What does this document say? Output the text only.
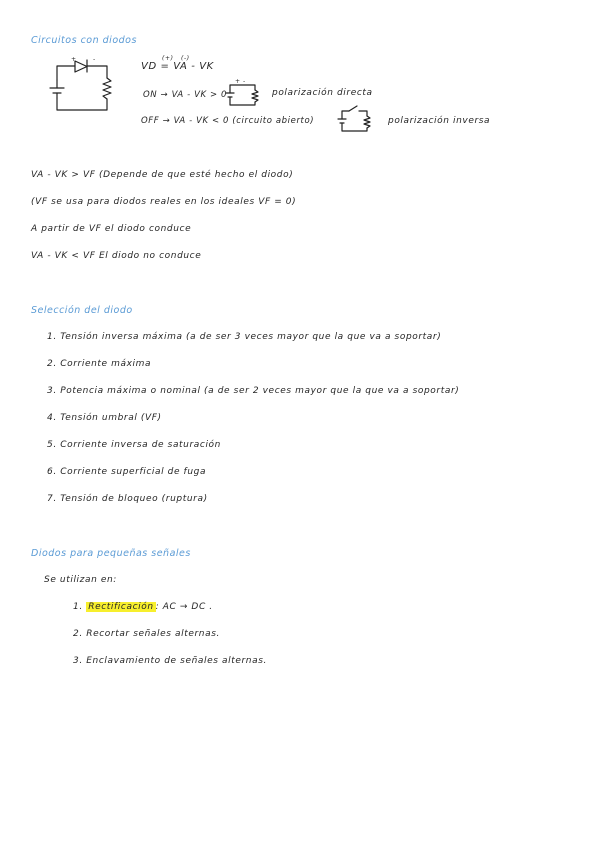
Circuitos con diodos
+	-	(+) (-)
VD = VA - VK
ON → VA - VK > 0
+ -
polarización directa
OFF → VA - VK < 0 (circuito abierto)	polarización inversa
VA - VK > VF (Depende de que esté hecho el diodo)
(VF se usa para diodos reales en los ideales VF = 0)
A partir de VF el diodo conduce
VA - VK < VF El diodo no conduce
Selección del diodo
1. Tensión inversa máxima (a de ser 3 veces mayor que la que va a soportar)
2. Corriente máxima
3. Potencia máxima o nominal (a de ser 2 veces mayor que la que va a soportar)
4. Tensión umbral (VF)
5. Corriente inversa de saturación
6. Corriente superficial de fuga
7. Tensión de bloqueo (ruptura)
Diodos para pequeñas señales
Se utilizan en:
1. Rectificación : AC → DC .
2. Recortar señales alternas.
3. Enclavamiento de señales alternas.
